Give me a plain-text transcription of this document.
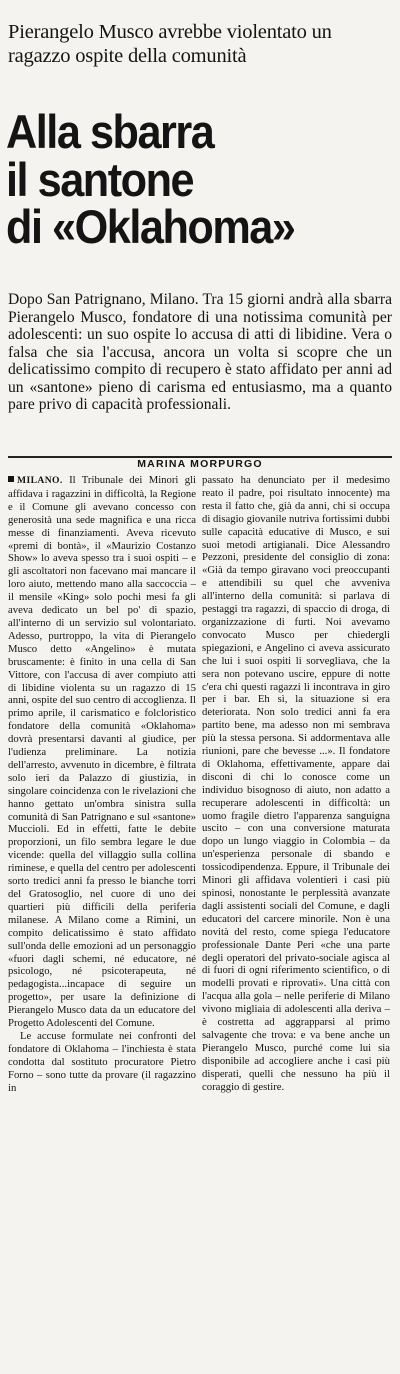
Pierangelo Musco avrebbe violentato un ragazzo ospite della comunità
Alla sbarra
il santone
di «Oklahoma»
Dopo San Patrignano, Milano. Tra 15 giorni andrà alla sbarra Pierangelo Musco, fondatore di una notissima comunità per adolescenti: un suo ospite lo accusa di atti di libidine. Vera o falsa che sia l'accusa, ancora un volta si scopre che un delicatissimo compito di recupero è stato affidato per anni ad un «santone» pieno di carisma ed entusiasmo, ma a quanto pare privo di capacità professionali.
MARINA MORPURGO

MILANO. Il Tribunale dei Minori gli affidava i ragazzini in difficoltà, la Regione e il Comune gli avevano concesso con generosità una sede magnifica e una ricca messe di finanziamenti. Aveva ricevuto «premi di bontà», il «Maurizio Costanzo Show» lo aveva spesso tra i suoi ospiti – e gli ascoltatori non facevano mai mancare il loro aiuto, mettendo mano alla saccoccia – il mensile «King» solo pochi mesi fa gli aveva dedicato un bel po' di spazio, all'interno di un servizio sul volontariato. Adesso, purtroppo, la vita di Pierangelo Musco detto «Angelino» è mutata bruscamente: è finito in una cella di San Vittore, con l'accusa di aver compiuto atti di libidine violenta su un ragazzo di 15 anni, ospite del suo centro di accoglienza. Il primo aprile, il carismatico e folcloristico fondatore della comunità «Oklahoma» dovrà presentarsi davanti al giudice, per l'udienza preliminare. La notizia dell'arresto, avvenuto in dicembre, è filtrata solo ieri da Palazzo di giustizia, in singolare coincidenza con le rivelazioni che hanno gettato un'ombra sinistra sulla comunità di San Patrignano e sul «santone» Muccioli. Ed in effetti, fatte le debite proporzioni, un filo sembra legare le due vicende: quella del villaggio sulla collina riminese, e quella del centro per adolescenti sorto tredici anni fa presso le bianche torri del Gratosoglio, nel cuore di uno dei quartieri più difficili della periferia milanese. A Milano come a Rimini, un compito delicatissimo è stato affidato sull'onda delle emozioni ad un personaggio «fuori dagli schemi, né educatore, né psicologo, né psicoterapeuta, né pedagogista...incapace di seguire un progetto», per usare la definizione di Pierangelo Musco data da un educatore del Progetto Adolescenti del Comune.

Le accuse formulate nei confronti del fondatore di Oklahoma – l'inchiesta è stata condotta dal sostituto procuratore Pietro Forno – sono tutte da provare (il ragazzino in

passato ha denunciato per il medesimo reato il padre, poi risultato innocente) ma resta il fatto che, già da anni, chi si occupa di disagio giovanile nutriva fortissimi dubbi sulle capacità educative di Musco, e sui suoi metodi artigianali. Dice Alessandro Pezzoni, presidente del consiglio di zona: «Già da tempo giravano voci preoccupanti e attendibili su quel che avveniva all'interno della comunità: si parlava di pestaggi tra ragazzi, di spaccio di droga, di organizzazione di furti. Noi avevamo convocato Musco per chiedergli spiegazioni, e Angelino ci aveva assicurato che lui i suoi ospiti li sorvegliava, che la sera non potevano uscire, eppure di notte c'era chi questi ragazzi li incontrava in giro per i bar. Eh sì, la situazione si era deteriorata. Non solo tredici anni fa era partito bene, ma adesso non mi sembrava più la stessa persona. Si addormentava alle riunioni, pare che bevesse ...». Il fondatore di Oklahoma, effettivamente, appare dai disconi di chi lo conosce come un individuo bisognoso di aiuto, non adatto a recuperare adolescenti in difficoltà: un uomo fragile dietro l'apparenza sanguigna uscito – con una conversione maturata dopo un lungo viaggio in Colombia – da un'esperienza personale di sbando e tossicodipendenza. Eppure, il Tribunale dei Minori gli affidava volentieri i casi più spinosi, nonostante le perplessità avanzate dagli assistenti sociali del Comune, e dagli educatori del carcere minorile. Non è una novità del resto, come spiega l'educatore professionale Dante Peri «che una parte degli operatori del privato-sociale agisca al di fuori di ogni riferimento scientifico, o di modelli provati e riprovati». Una città con l'acqua alla gola – nelle periferie di Milano vivono migliaia di adolescenti alla deriva – è costretta ad aggrapparsi al primo salvagente che trova: e va bene anche un Pierangelo Musco, purché come lui sia disponibile ad accogliere anche i casi più disperati, quelli che nessuno ha più il coraggio di gestire.
